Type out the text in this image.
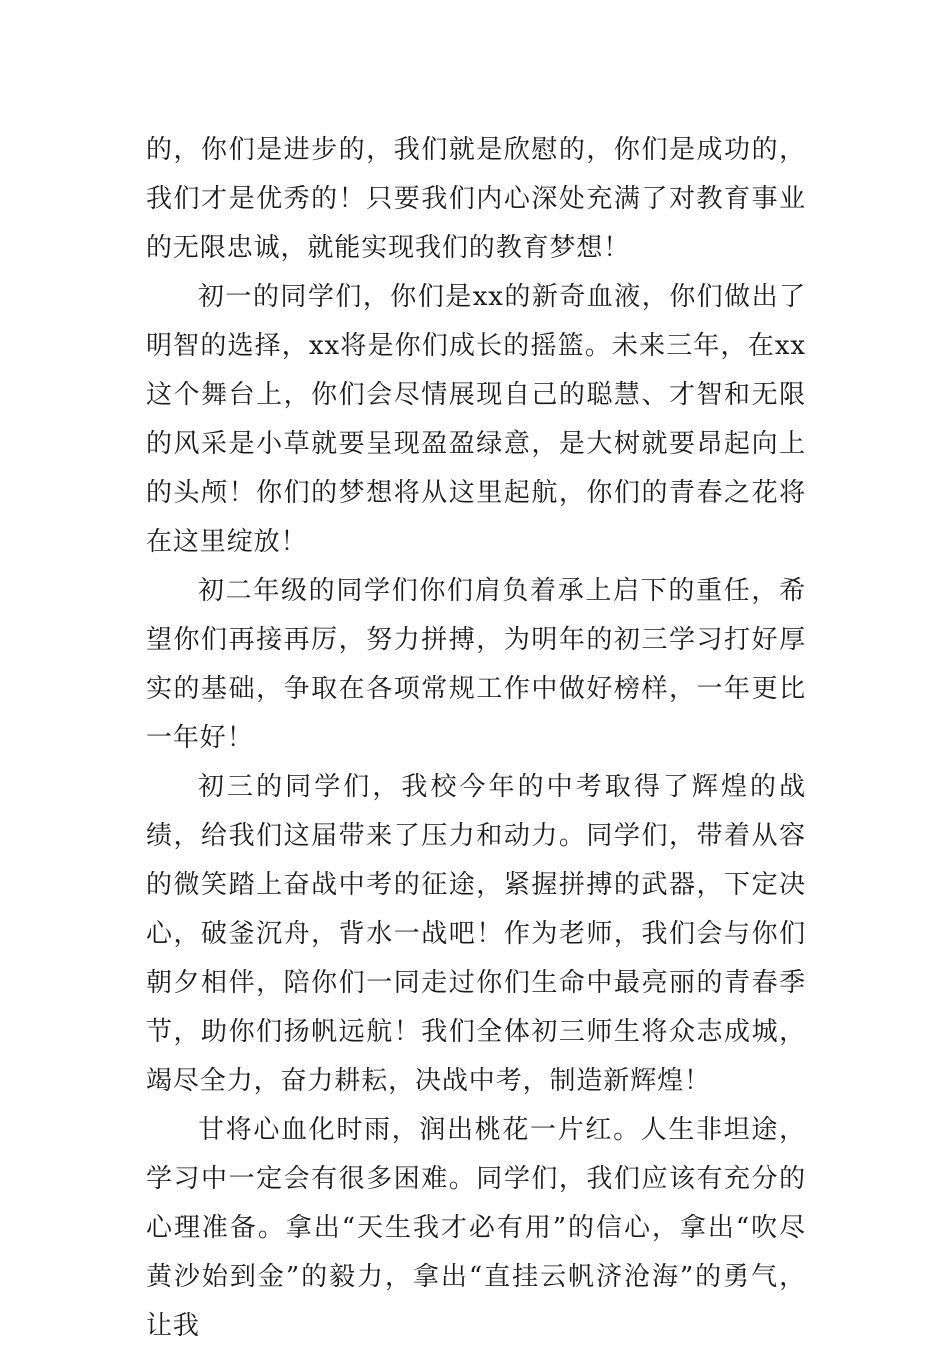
的，你们是进步的，我们就是欣慰的，你们是成功的，我们才是优秀的！只要我们内心深处充满了对教育事业的无限忠诚，就能实现我们的教育梦想！

初一的同学们，你们是xx的新奇血液，你们做出了明智的选择，xx将是你们成长的摇篮。未来三年，在xx这个舞台上，你们会尽情展现自己的聪慧、才智和无限的风采是小草就要呈现盈盈绿意，是大树就要昂起向上的头颅！你们的梦想将从这里起航，你们的青春之花将在这里绽放！

初二年级的同学们你们肩负着承上启下的重任，希望你们再接再厉，努力拼搏，为明年的初三学习打好厚实的基础，争取在各项常规工作中做好榜样，一年更比一年好！

初三的同学们，我校今年的中考取得了辉煌的战绩，给我们这届带来了压力和动力。同学们，带着从容的微笑踏上奋战中考的征途，紧握拼搏的武器，下定决心，破釜沉舟，背水一战吧！作为老师，我们会与你们朝夕相伴，陪你们一同走过你们生命中最亮丽的青春季节，助你们扬帆远航！我们全体初三师生将众志成城，竭尽全力，奋力耕耘，决战中考，制造新辉煌！

甘将心血化时雨，润出桃花一片红。人生非坦途，学习中一定会有很多困难。同学们，我们应该有充分的心理准备。拿出“天生我才必有用”的信心，拿出“吹尽黄沙始到金”的毅力，拿出“直挂云帆济沧海”的勇气，让我
